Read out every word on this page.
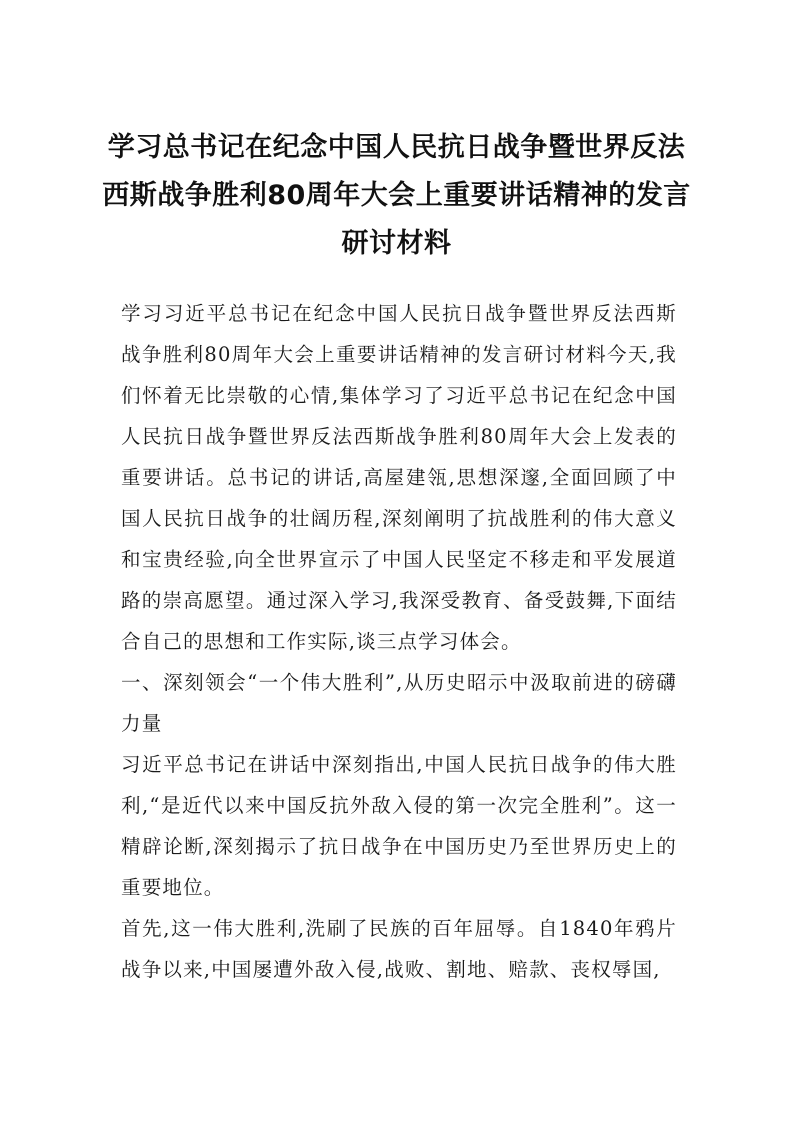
学习总书记在纪念中国人民抗日战争暨世界反法西斯战争胜利80周年大会上重要讲话精神的发言研讨材料

学习习近平总书记在纪念中国人民抗日战争暨世界反法西斯战争胜利80周年大会上重要讲话精神的发言研讨材料今天,我们怀着无比崇敬的心情,集体学习了习近平总书记在纪念中国人民抗日战争暨世界反法西斯战争胜利80周年大会上发表的重要讲话。总书记的讲话,高屋建瓴,思想深邃,全面回顾了中国人民抗日战争的壮阔历程,深刻阐明了抗战胜利的伟大意义和宝贵经验,向全世界宣示了中国人民坚定不移走和平发展道路的崇高愿望。通过深入学习,我深受教育、备受鼓舞,下面结合自己的思想和工作实际,谈三点学习体会。

一、深刻领会“一个伟大胜利”,从历史昭示中汲取前进的磅礴力量

习近平总书记在讲话中深刻指出,中国人民抗日战争的伟大胜利,“是近代以来中国反抗外敌入侵的第一次完全胜利”。这一精辟论断,深刻揭示了抗日战争在中国历史乃至世界历史上的重要地位。

首先,这一伟大胜利,洗刷了民族的百年屈辱。自1840年鸦片战争以来,中国屡遭外敌入侵,战败、割地、赔款、丧权辱国,
